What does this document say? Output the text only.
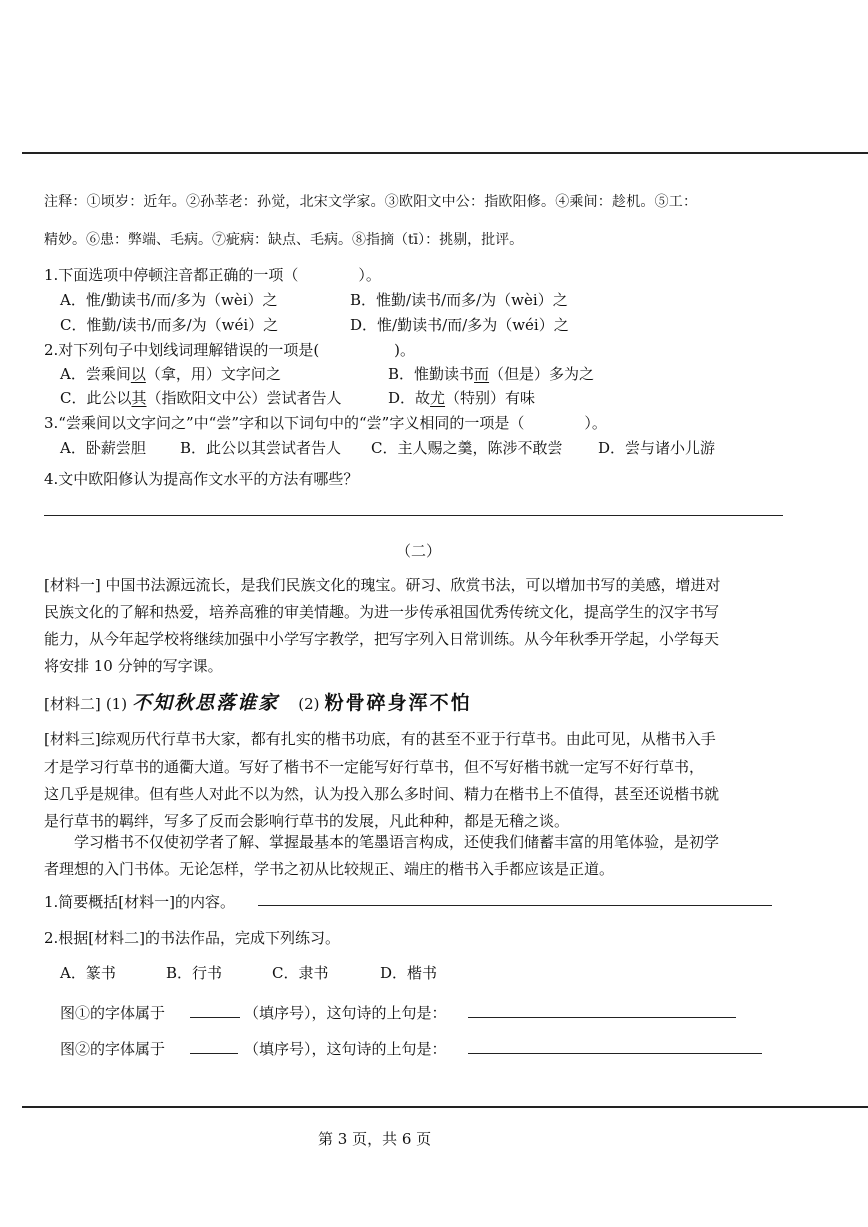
注释：①顷岁：近年。②孙莘老：孙觉，北宋文学家。③欧阳文中公：指欧阳修。④乘间：趁机。⑤工：
精妙。⑥患：弊端、毛病。⑦疵病：缺点、毛病。⑧指摘（tī）：挑剔，批评。
1.下面选项中停顿注音都正确的一项（　　　　）。
A．惟/勤读书/而/多为（wèi）之	B．惟勤/读书/而多/为（wèi）之
C．惟勤/读书/而多/为（wéi）之	D．惟/勤读书/而/多为（wéi）之
2.对下列句子中划线词理解错误的一项是(　　　　　)。
A．尝乘间以（拿，用）文字问之	B．惟勤读书而（但是）多为之
C．此公以其（指欧阳文中公）尝试者告人	D．故尤（特别）有味
3.“尝乘间以文字问之”中“尝”字和以下词句中的“尝”字义相同的一项是（　　　　）。
A．卧薪尝胆 B．此公以其尝试者告人 C．主人赐之羹，陈涉不敢尝 D．尝与诸小儿游
4.文中欧阳修认为提高作文水平的方法有哪些？
（二）
[材料一] 中国书法源远流长，是我们民族文化的瑰宝。研习、欣赏书法，可以增加书写的美感，增进对
民族文化的了解和热爱，培养高雅的审美情趣。为进一步传承祖国优秀传统文化，提高学生的汉字书写
能力，从今年起学校将继续加强中小学写字教学，把写字列入日常训练。从今年秋季开学起，小学每天
将安排 10 分钟的写字课。
[材料二] (1) 不知秋思落谁家 (2) 粉骨碎身浑不怕
[材料三]综观历代行草书大家，都有扎实的楷书功底，有的甚至不亚于行草书。由此可见，从楷书入手
才是学习行草书的通衢大道。写好了楷书不一定能写好行草书，但不写好楷书就一定写不好行草书，
这几乎是规律。但有些人对此不以为然，认为投入那么多时间、精力在楷书上不值得，甚至还说楷书就
是行草书的羁绊，写多了反而会影响行草书的发展，凡此种种，都是无稽之谈。
学习楷书不仅使初学者了解、掌握最基本的笔墨语言构成，还使我们储蓄丰富的用笔体验，是初学
者理想的入门书体。无论怎样，学书之初从比较规正、端庄的楷书入手都应该是正道。
1.简要概括[材料一]的内容。
2.根据[材料二]的书法作品，完成下列练习。
A．篆书	B．行书	C．隶书	D．楷书
图①的字体属于	（填序号），这句诗的上句是：
图②的字体属于	（填序号），这句诗的上句是：
第 3 页，共 6 页
